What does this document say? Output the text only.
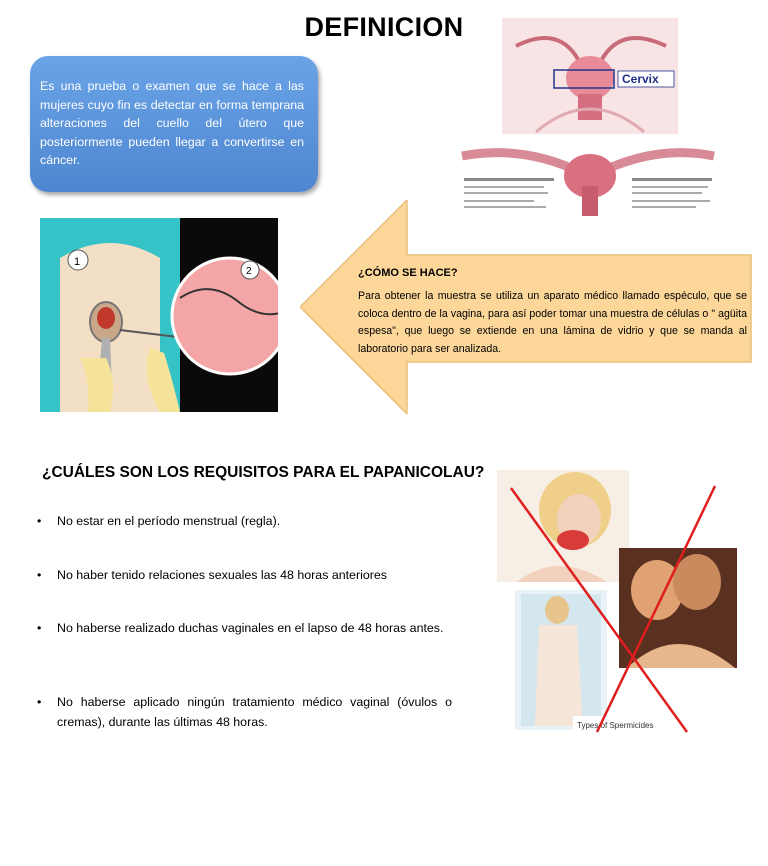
DEFINICION
Es una prueba o examen que se hace a las mujeres cuyo fin es detectar en forma temprana alteraciones del cuello del útero que posteriormente pueden llegar a convertirse en cáncer.
Cervix
1
2	¿CÓMO SE HACE?
Para obtener la muestra se utiliza un aparato médico llamado espéculo, que se coloca dentro de la vagina, para así poder tomar una muestra de células o " agüita espesa", que luego se extiende en una lámina de vidrio y que se manda al laboratorio para ser analizada.
¿CUÁLES SON LOS REQUISITOS PARA EL PAPANICOLAU?
• No estar en el período menstrual (regla).
• No haber tenido relaciones sexuales las 48 horas anteriores
• No haberse realizado duchas vaginales en el lapso de 48 horas antes.
• No haberse aplicado ningún tratamiento médico vaginal (óvulos o cremas), durante las últimas 48 horas.	Types of Spermicides
